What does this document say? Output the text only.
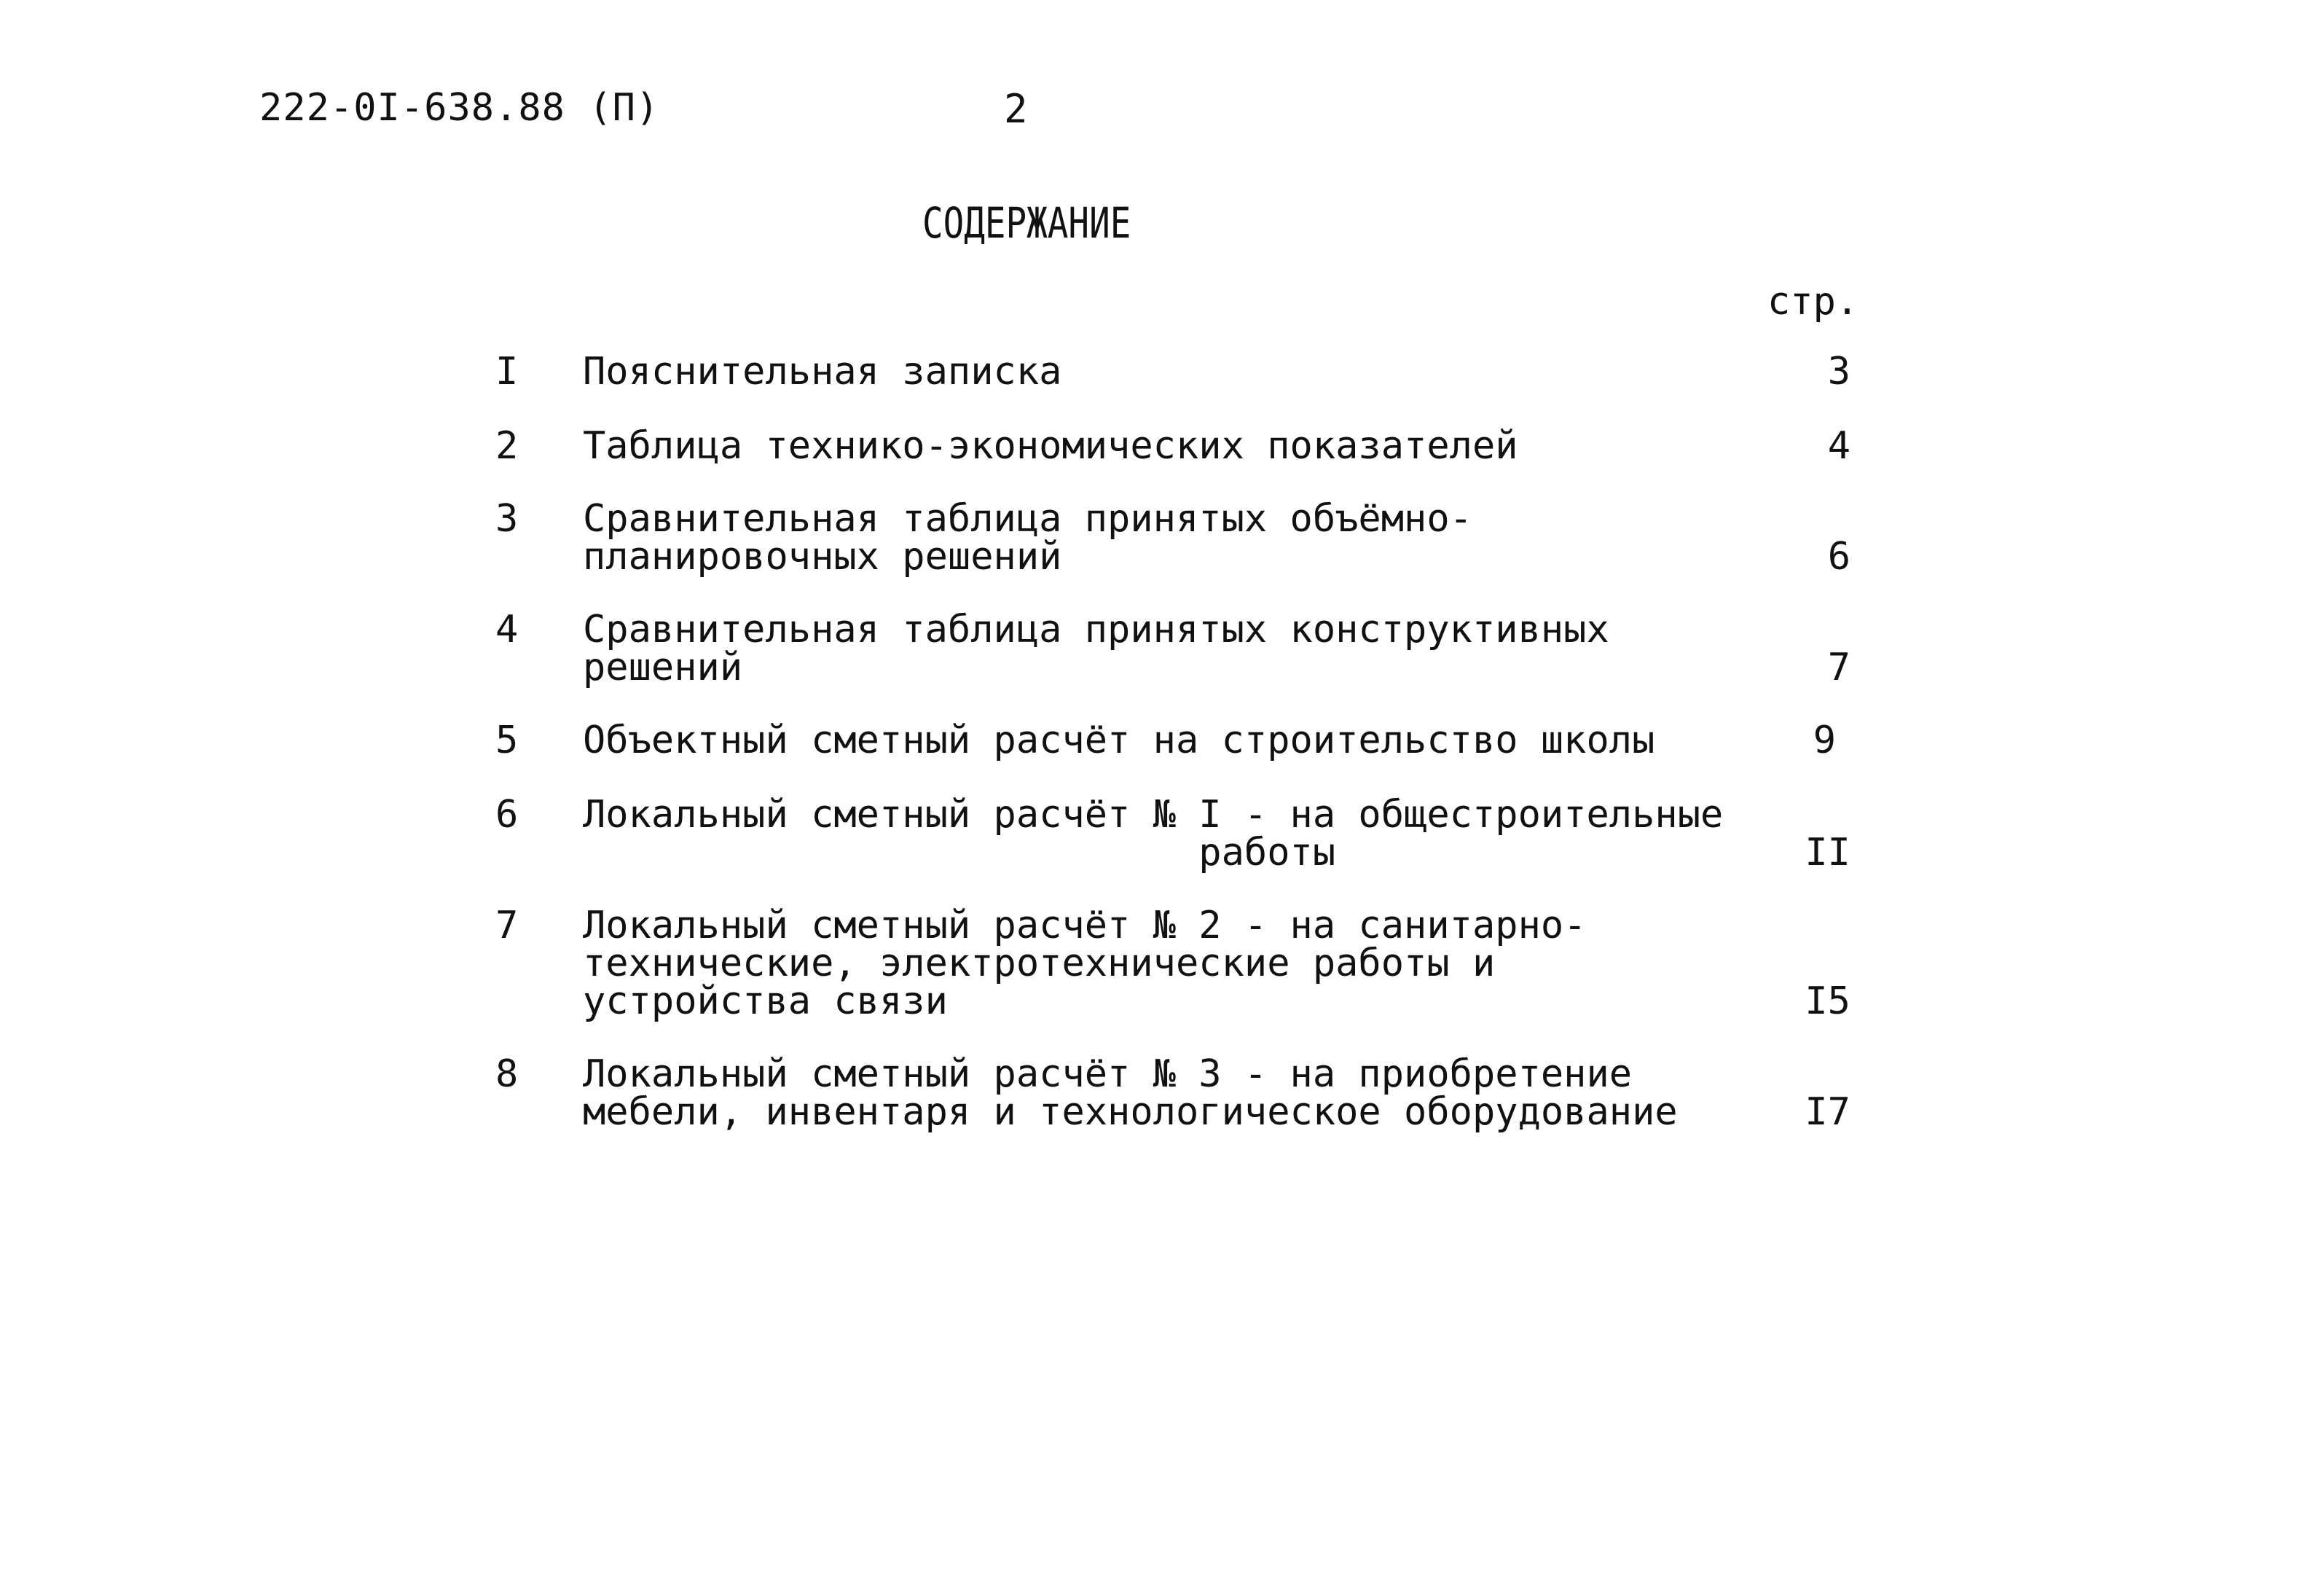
222-0I-638.88 (П)	2
СОДЕРЖАНИЕ
стр.
I	Пояснительная записка	3
2	Таблица технико-экономических показателей	4
3	Сравнительная таблица принятых объёмно-
планировочных решений	6
4	Сравнительная таблица принятых конструктивных
решений	7
5	Объектный сметный расчёт на строительство школы	9
6	Локальный сметный расчёт № I - на общестроительные
работы	II
7	Локальный сметный расчёт № 2 - на санитарно-
технические, электротехнические работы и
устройства связи	I5
8	Локальный сметный расчёт № 3 - на приобретение
мебели, инвентаря и технологическое оборудование	I7
